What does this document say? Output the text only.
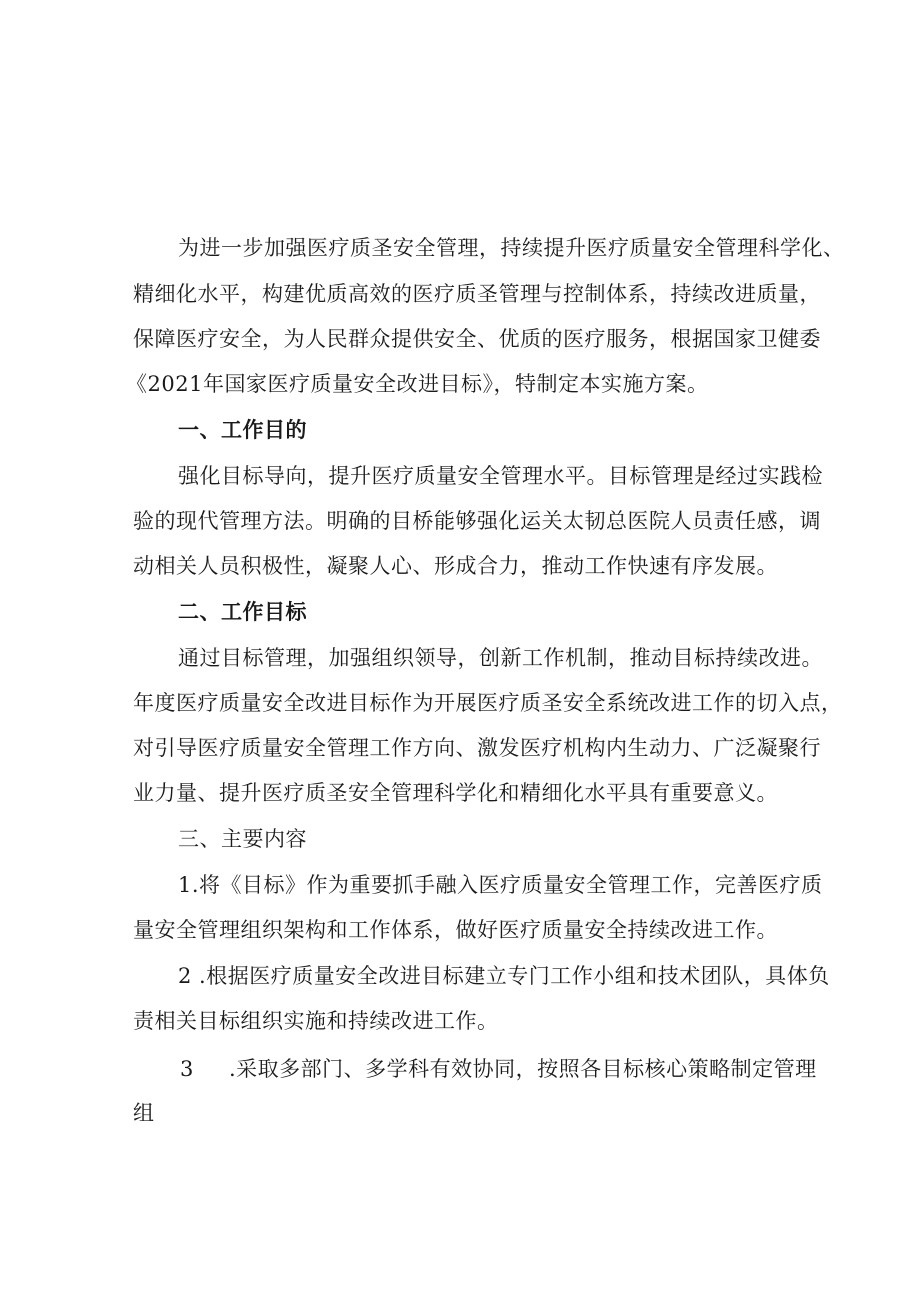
为进一步加强医疗质圣安全管理，持续提升医疗质量安全管理科学化、
精细化水平，构建优质高效的医疗质圣管理与控制体系，持续改进质量，
保障医疗安全，为人民群众提供安全、优质的医疗服务，根据国家卫健委
《2021年国家医疗质量安全改进目标》，特制定本实施方案。
一、工作目的
强化目标导向，提升医疗质量安全管理水平。目标管理是经过实践检
验的现代管理方法。明确的目桥能够强化运关太韧总医院人员责任感，调
动相关人员积极性，凝聚人心、形成合力，推动工作快速有序发展。
二、工作目标
通过目标管理，加强组织领导，创新工作机制，推动目标持续改进。
年度医疗质量安全改进目标作为开展医疗质圣安全系统改进工作的切入点，
对引导医疗质量安全管理工作方向、激发医疗机构内生动力、广泛凝聚行
业力量、提升医疗质圣安全管理科学化和精细化水平具有重要意义。
三、主要内容
1.将《目标》作为重要抓手融入医疗质量安全管理工作，完善医疗质
量安全管理组织架构和工作体系，做好医疗质量安全持续改进工作。
2 .根据医疗质量安全改进目标建立专门工作小组和技术团队，具体负
责相关目标组织实施和持续改进工作。
3 .采取多部门、多学科有效协同，按照各目标核心策略制定管理
组
